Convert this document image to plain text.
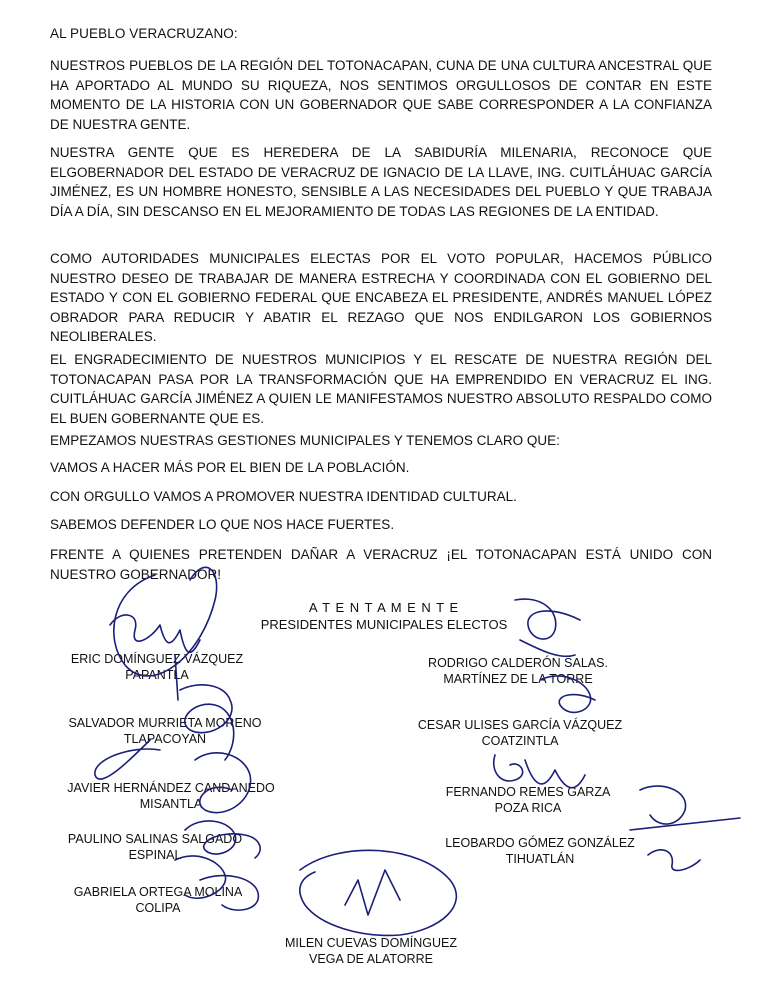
AL PUEBLO VERACRUZANO:

NUESTROS PUEBLOS DE LA REGIÓN DEL TOTONACAPAN, CUNA DE UNA CULTURA ANCESTRAL QUE HA APORTADO AL MUNDO SU RIQUEZA, NOS SENTIMOS ORGULLOSOS DE CONTAR EN ESTE MOMENTO DE LA HISTORIA CON UN GOBERNADOR QUE SABE CORRESPONDER A LA CONFIANZA DE NUESTRA GENTE.

NUESTRA GENTE QUE ES HEREDERA DE LA SABIDURÍA MILENARIA, RECONOCE QUE ELGOBERNADOR DEL ESTADO DE VERACRUZ DE IGNACIO DE LA LLAVE, ING. CUITLÁHUAC GARCÍA JIMÉNEZ, ES UN HOMBRE HONESTO, SENSIBLE A LAS NECESIDADES DEL PUEBLO Y QUE TRABAJA DÍA A DÍA, SIN DESCANSO EN EL MEJORAMIENTO DE TODAS LAS REGIONES DE LA ENTIDAD.

COMO AUTORIDADES MUNICIPALES ELECTAS POR EL VOTO POPULAR, HACEMOS PÚBLICO NUESTRO DESEO DE TRABAJAR DE MANERA ESTRECHA Y COORDINADA CON EL GOBIERNO DEL ESTADO Y CON EL GOBIERNO FEDERAL QUE ENCABEZA EL PRESIDENTE, ANDRÉS MANUEL LÓPEZ OBRADOR PARA REDUCIR Y ABATIR EL REZAGO QUE NOS ENDILGARON LOS GOBIERNOS NEOLIBERALES.

EL ENGRADECIMIENTO DE NUESTROS MUNICIPIOS Y EL RESCATE DE NUESTRA REGIÓN DEL TOTONACAPAN PASA POR LA TRANSFORMACIÓN QUE HA EMPRENDIDO EN VERACRUZ EL ING. CUITLÁHUAC GARCÍA JIMÉNEZ A QUIEN LE MANIFESTAMOS NUESTRO ABSOLUTO RESPALDO COMO EL BUEN GOBERNANTE QUE ES.

EMPEZAMOS NUESTRAS GESTIONES MUNICIPALES Y TENEMOS CLARO QUE:

VAMOS A HACER MÁS POR EL BIEN DE LA POBLACIÓN.

CON ORGULLO VAMOS A PROMOVER NUESTRA IDENTIDAD CULTURAL.

SABEMOS DEFENDER LO QUE NOS HACE FUERTES.

FRENTE A QUIENES PRETENDEN DAÑAR A VERACRUZ ¡EL TOTONACAPAN ESTÁ UNIDO CON NUESTRO GOBERNADOR!

A T E N T A M E N T E
PRESIDENTES MUNICIPALES ELECTOS
ERIC DOMÍNGUEZ VÁZQUEZ
PAPANTLA
RODRIGO CALDERÓN SALAS.
MARTÍNEZ DE LA TORRE
SALVADOR MURRIETA MORENO
TLAPACOYAN
CESAR ULISES GARCÍA VÁZQUEZ
COATZINTLA
JAVIER HERNÁNDEZ CANDANEDO
MISANTLA
FERNANDO REMES GARZA
POZA RICA
PAULINO SALINAS SALGADO
ESPINAL
LEOBARDO GÓMEZ GONZÁLEZ
TIHUATLÁN
GABRIELA ORTEGA MOLINA
COLIPA
MILEN CUEVAS DOMÍNGUEZ
VEGA DE ALATORRE
